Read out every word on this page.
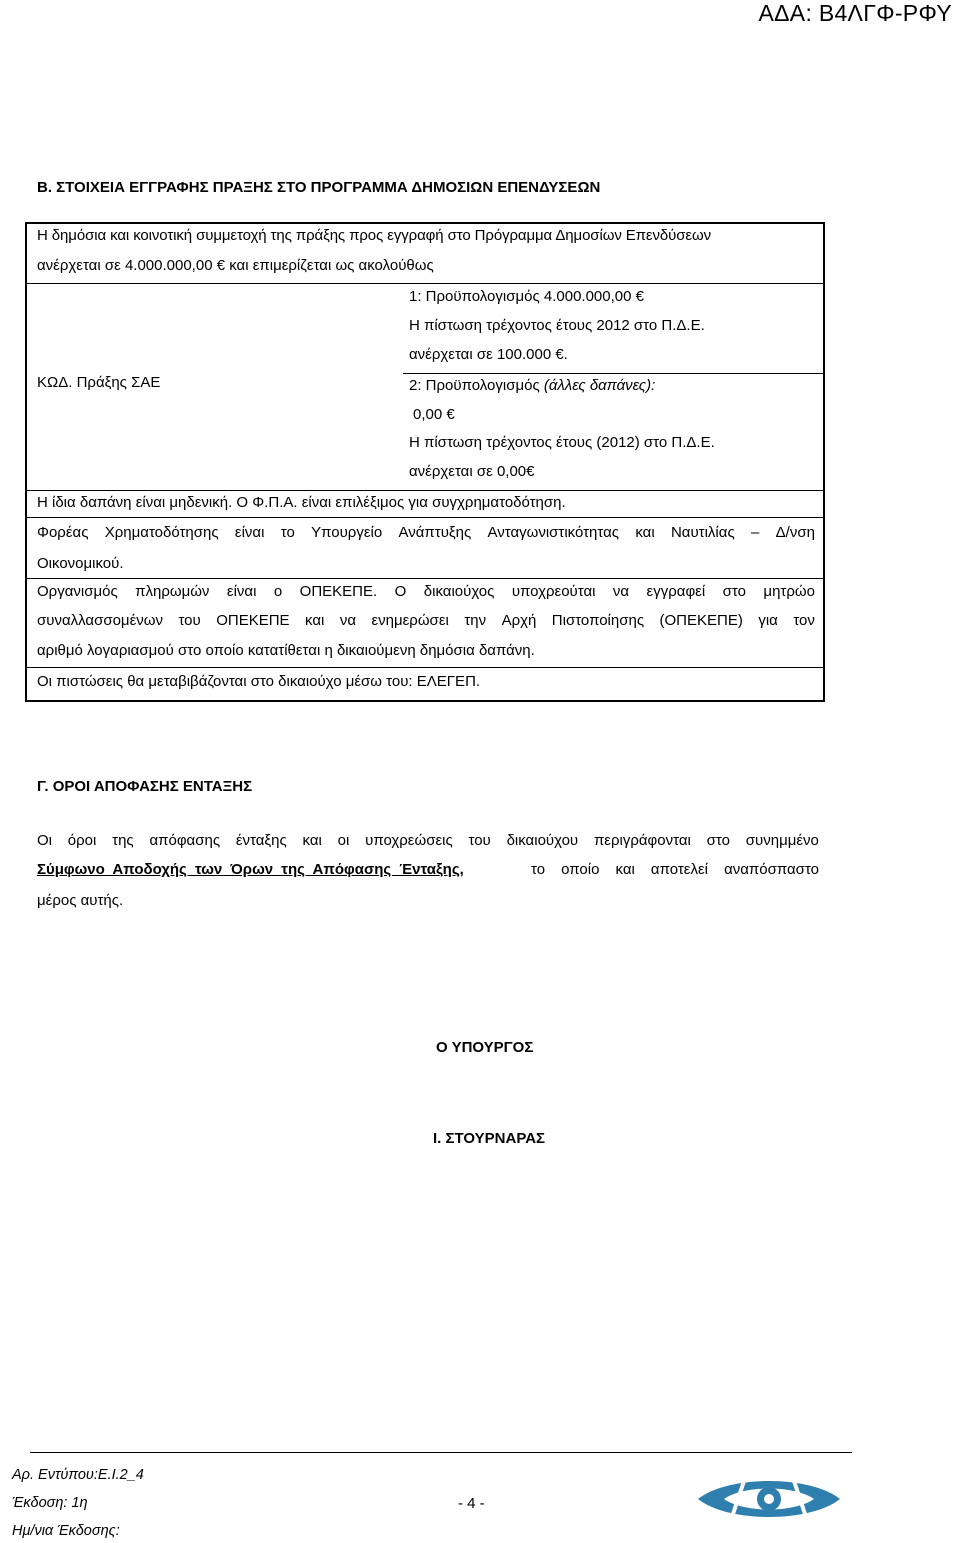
ΑΔΑ: Β4ΛΓΦ-ΡΦΥ
Β. ΣΤΟΙΧΕΙΑ ΕΓΓΡΑΦΗΣ ΠΡΑΞΗΣ ΣΤΟ ΠΡΟΓΡΑΜΜΑ ΔΗΜΟΣΙΩΝ ΕΠΕΝΔΥΣΕΩΝ
Η δημόσια και κοινοτική συμμετοχή της πράξης προς εγγραφή στο Πρόγραμμα Δημοσίων Επενδύσεων
ανέρχεται σε 4.000.000,00 € και επιμερίζεται ως ακολούθως
ΚΩΔ. Πράξης ΣΑΕ
1: Προϋπολογισμός 4.000.000,00 €
Η πίστωση τρέχοντος έτους 2012 στο Π.Δ.Ε.
ανέρχεται σε 100.000 €.
2: Προϋπολογισμός (άλλες δαπάνες):
0,00 €
Η πίστωση τρέχοντος έτους (2012) στο Π.Δ.Ε.
ανέρχεται σε 0,00€
Η ίδια δαπάνη είναι μηδενική. Ο Φ.Π.Α. είναι επιλέξιμος για συγχρηματοδότηση.
Φορέας Χρηματοδότησης είναι το Υπουργείο Ανάπτυξης Ανταγωνιστικότητας και Ναυτιλίας – Δ/νση
Οικονομικού.
Οργανισμός πληρωμών είναι ο ΟΠΕΚΕΠΕ. Ο δικαιούχος υποχρεούται να εγγραφεί στο μητρώο
συναλλασσομένων του ΟΠΕΚΕΠΕ και να ενημερώσει την Αρχή Πιστοποίησης (ΟΠΕΚΕΠΕ) για τον
αριθμό λογαριασμού στο οποίο κατατίθεται η δικαιούμενη δημόσια δαπάνη.
Οι πιστώσεις θα μεταβιβάζονται στο δικαιούχο μέσω του: ΕΛΕΓΕΠ.
Γ. ΟΡΟΙ ΑΠΟΦΑΣΗΣ ΕΝΤΑΞΗΣ
Οι όροι της απόφασης ένταξης και οι υποχρεώσεις του δικαιούχου περιγράφονται στο συνημμένο
Σύμφωνο Αποδοχής των Όρων της Απόφασης Ένταξης,	το οποίο και αποτελεί αναπόσπαστο
μέρος αυτής.
Ο ΥΠΟΥΡΓΟΣ
Ι. ΣΤΟΥΡΝΑΡΑΣ
Αρ. Εντύπου:Ε.Ι.2_4
Έκδοση: 1η	- 4 -
Ημ/νια Έκδοσης:
